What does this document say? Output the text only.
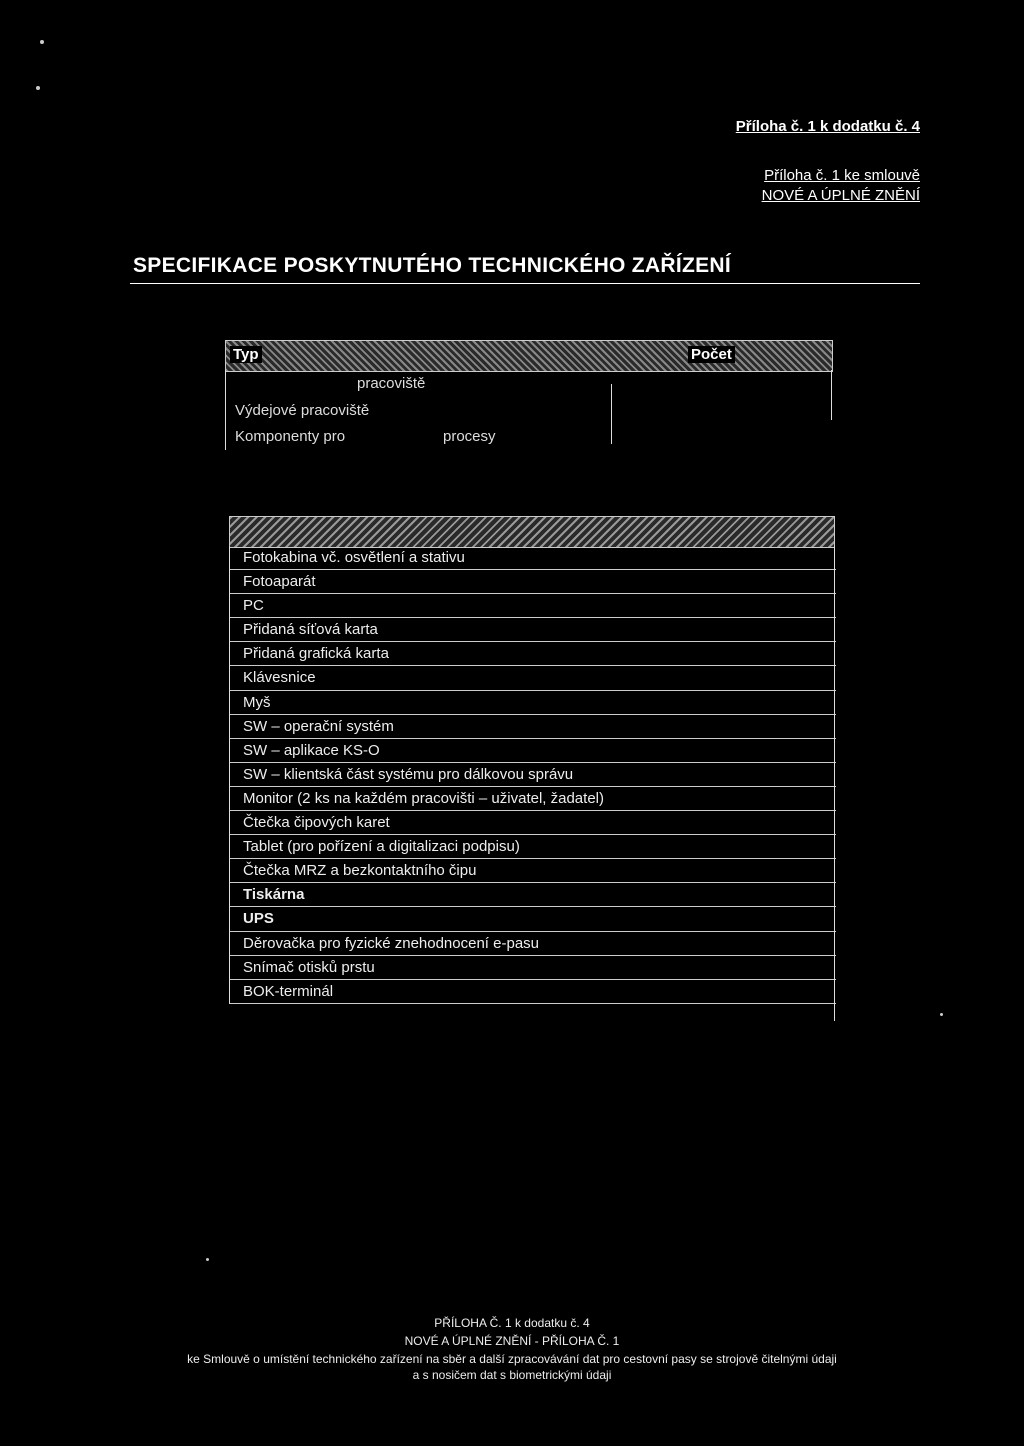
Příloha č. 1 k dodatku č. 4
Příloha č. 1 ke smlouvě
NOVÉ A ÚPLNÉ ZNĚNÍ
SPECIFIKACE POSKYTNUTÉHO TECHNICKÉHO ZAŘÍZENÍ
Typ	Počet
pracoviště
Výdejové pracoviště
Komponenty pro	procesy
Fotokabina vč. osvětlení a stativu
Fotoaparát
PC
Přidaná síťová karta
Přidaná grafická karta
Klávesnice
Myš
SW – operační systém
SW – aplikace KS-O
SW – klientská část systému pro dálkovou správu
Monitor (2 ks na každém pracovišti – uživatel, žadatel)
Čtečka čipových karet
Tablet (pro pořízení a digitalizaci podpisu)
Čtečka MRZ a bezkontaktního čipu
Tiskárna
UPS
Děrovačka pro fyzické znehodnocení e-pasu
Snímač otisků prstu
BOK-terminál
PŘÍLOHA Č. 1 k dodatku č. 4
NOVÉ A ÚPLNÉ ZNĚNÍ - PŘÍLOHA Č. 1
ke Smlouvě o umístění technického zařízení na sběr a další zpracovávání dat pro cestovní pasy se strojově čitelnými údaji
a s nosičem dat s biometrickými údaji
